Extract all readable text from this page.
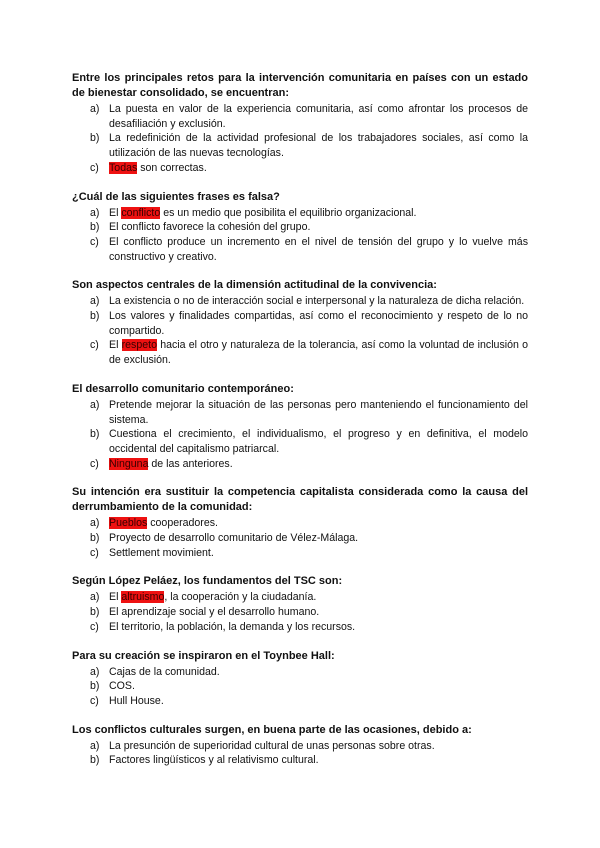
Entre los principales retos para la intervención comunitaria en países con un estado de bienestar consolidado, se encuentran:

a) La puesta en valor de la experiencia comunitaria, así como afrontar los procesos de desafiliación y exclusión.
b) La redefinición de la actividad profesional de los trabajadores sociales, así como la utilización de las nuevas tecnologías.
c) Todas son correctas.

¿Cuál de las siguientes frases es falsa?

a) El conflicto es un medio que posibilita el equilibrio organizacional.
b) El conflicto favorece la cohesión del grupo.
c) El conflicto produce un incremento en el nivel de tensión del grupo y lo vuelve más constructivo y creativo.

Son aspectos centrales de la dimensión actitudinal de la convivencia:

a) La existencia o no de interacción social e interpersonal y la naturaleza de dicha relación.
b) Los valores y finalidades compartidas, así como el reconocimiento y respeto de lo no compartido.
c) El respeto hacia el otro y naturaleza de la tolerancia, así como la voluntad de inclusión o de exclusión.

El desarrollo comunitario contemporáneo:

a) Pretende mejorar la situación de las personas pero manteniendo el funcionamiento del sistema.
b) Cuestiona el crecimiento, el individualismo, el progreso y en definitiva, el modelo occidental del capitalismo patriarcal.
c) Ninguna de las anteriores.

Su intención era sustituir la competencia capitalista considerada como la causa del derrumbamiento de la comunidad:

a) Pueblos cooperadores.
b) Proyecto de desarrollo comunitario de Vélez-Málaga.
c) Settlement movimient.

Según López Peláez, los fundamentos del TSC son:

a) El altruismo, la cooperación y la ciudadanía.
b) El aprendizaje social y el desarrollo humano.
c) El territorio, la población, la demanda y los recursos.

Para su creación se inspiraron en el Toynbee Hall:

a) Cajas de la comunidad.
b) COS.
c) Hull House.

Los conflictos culturales surgen, en buena parte de las ocasiones, debido a:

a) La presunción de superioridad cultural de unas personas sobre otras.
b) Factores lingüísticos y al relativismo cultural.
